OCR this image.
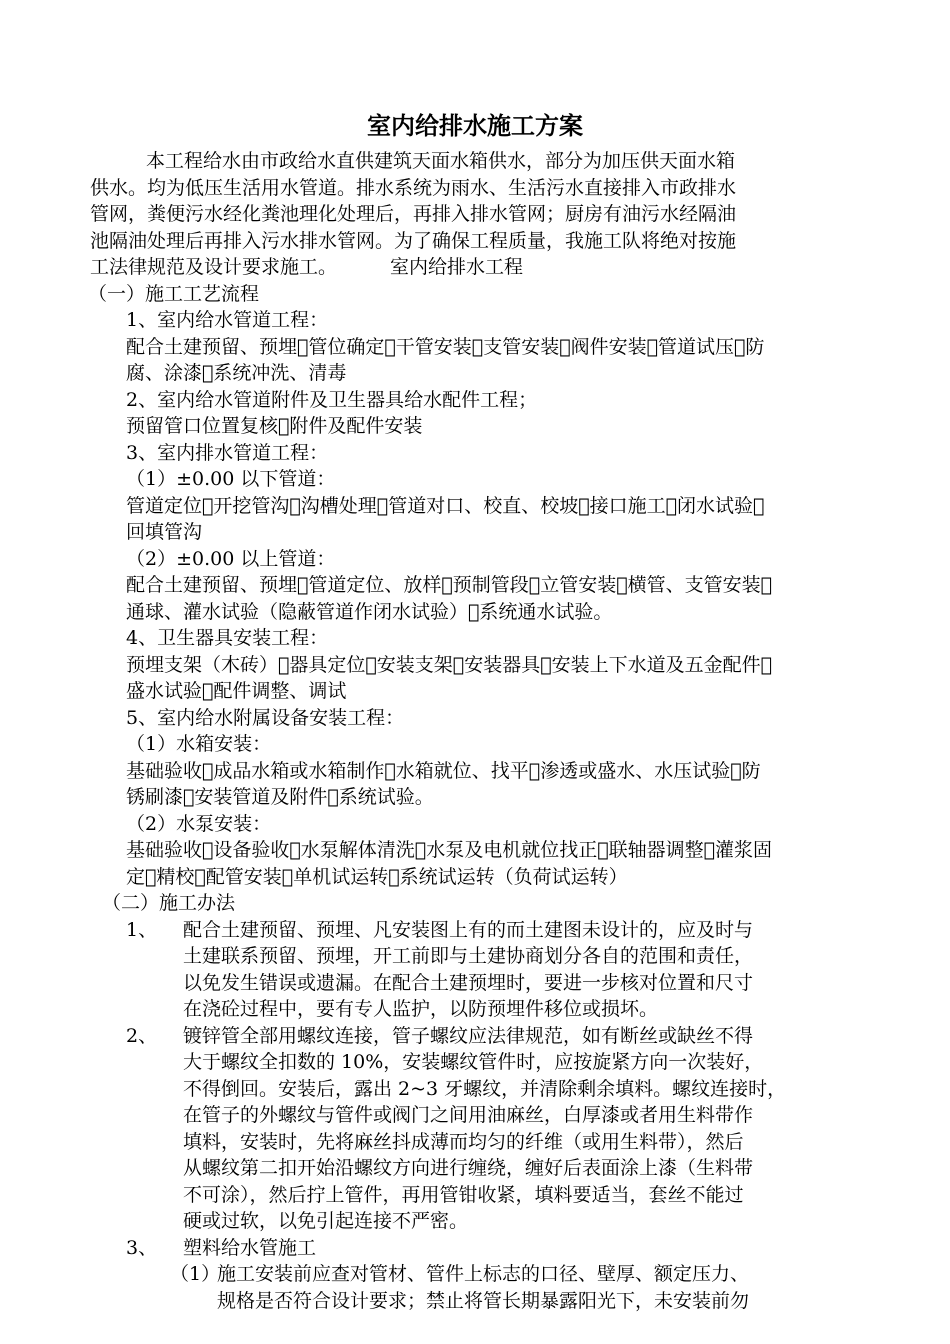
室内给排水施工方案

本工程给水由市政给水直供建筑天面水箱供水，部分为加压供天面水箱

供水。均为低压生活用水管道。排水系统为雨水、生活污水直接排入市政排水

管网，粪便污水经化粪池理化处理后，再排入排水管网；厨房有油污水经隔油

池隔油处理后再排入污水排水管网。为了确保工程质量，我施工队将绝对按施

工法律规范及设计要求施工。	室内给排水工程

（一）施工工艺流程

1、室内给水管道工程：

配合土建预留、预埋 管位确定 干管安装 支管安装 阀件安装 管道试压 防

腐、涂漆 系统冲洗、清毒

2、室内给水管道附件及卫生器具给水配件工程；

预留管口位置复核 附件及配件安装

3、室内排水管道工程：

（1）±0.00 以下管道：

管道定位 开挖管沟 沟槽处理 管道对口、校直、校坡 接口施工 闭水试验 

回填管沟

（2）±0.00 以上管道：

配合土建预留、预埋 管道定位、放样 预制管段 立管安装 横管、支管安装 

通球、灌水试验（隐蔽管道作闭水试验） 系统通水试验。

4、卫生器具安装工程：

预埋支架（木砖） 器具定位 安装支架 安装器具 安装上下水道及五金配件 

盛水试验 配件调整、调试

5、室内给水附属设备安装工程：

（1）水箱安装：

基础验收 成品水箱或水箱制作 水箱就位、找平 渗透或盛水、水压试验 防

锈刷漆 安装管道及附件 系统试验。

（2）水泵安装：

基础验收 设备验收 水泵解体清洗 水泵及电机就位找正 联轴器调整 灌浆固

定 精校 配管安装 单机试运转 系统试运转（负荷试运转）

（二）施工办法

1、 配合土建预留、预埋、凡安装图上有的而土建图未设计的，应及时与

土建联系预留、预埋，开工前即与土建协商划分各自的范围和责任，

以免发生错误或遗漏。在配合土建预埋时，要进一步核对位置和尺寸

在浇砼过程中，要有专人监护，以防预埋件移位或损坏。

2、 镀锌管全部用螺纹连接，管子螺纹应法律规范，如有断丝或缺丝不得

大于螺纹全扣数的 10%，安装螺纹管件时，应按旋紧方向一次装好，

不得倒回。安装后，露出 2~3 牙螺纹，并清除剩余填料。螺纹连接时，

在管子的外螺纹与管件或阀门之间用油麻丝，白厚漆或者用生料带作

填料，安装时，先将麻丝抖成薄而均匀的纤维（或用生料带），然后

从螺纹第二扣开始沿螺纹方向进行缠绕，缠好后表面涂上漆（生料带

不可涂），然后拧上管件，再用管钳收紧，填料要适当，套丝不能过

硬或过软，以免引起连接不严密。

3、 塑料给水管施工

（1）

施工安装前应查对管材、管件上标志的口径、壁厚、额定压力、

规格是否符合设计要求；禁止将管长期暴露阳光下，未安装前勿
